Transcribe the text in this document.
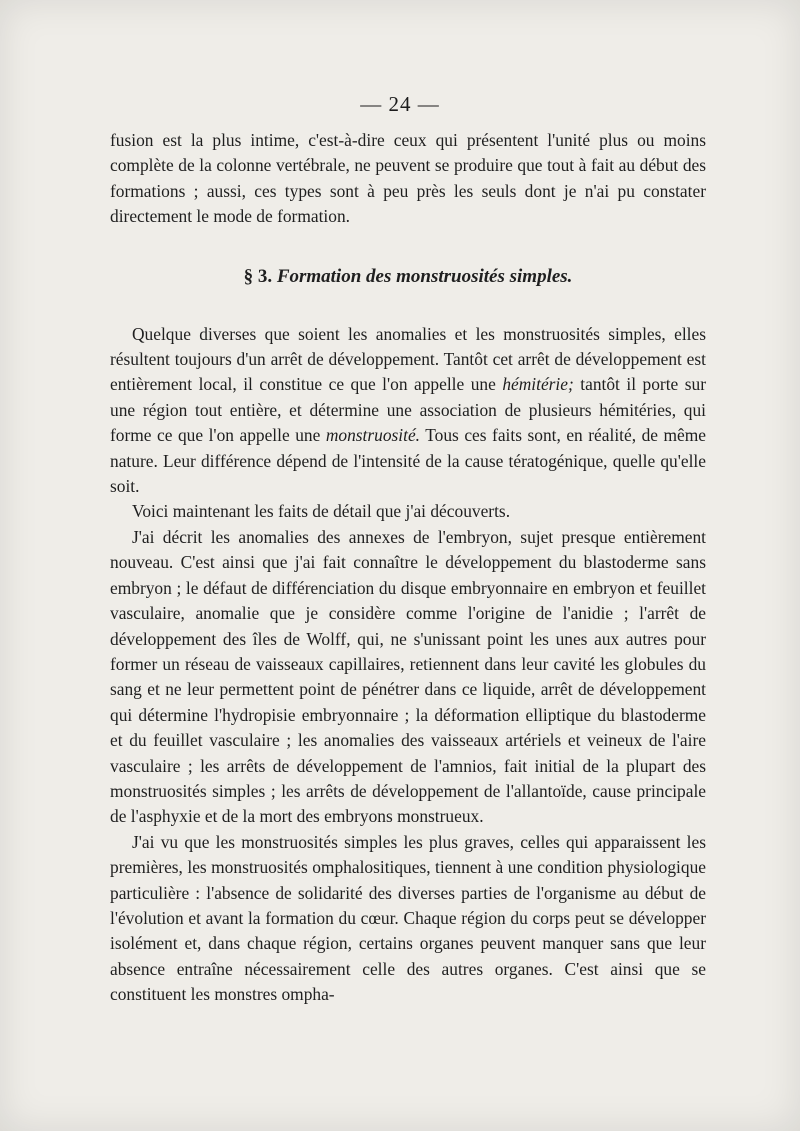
— 24 —

fusion est la plus intime, c'est-à-dire ceux qui présentent l'unité plus ou moins complète de la colonne vertébrale, ne peuvent se produire que tout à fait au début des formations ; aussi, ces types sont à peu près les seuls dont je n'ai pu constater directement le mode de formation.

§ 3. Formation des monstruosités simples.

Quelque diverses que soient les anomalies et les monstruosités simples, elles résultent toujours d'un arrêt de développement. Tantôt cet arrêt de développement est entièrement local, il constitue ce que l'on appelle une hémitérie; tantôt il porte sur une région tout entière, et détermine une association de plusieurs hémitéries, qui forme ce que l'on appelle une monstruosité. Tous ces faits sont, en réalité, de même nature. Leur différence dépend de l'intensité de la cause tératogénique, quelle qu'elle soit.

Voici maintenant les faits de détail que j'ai découverts.

J'ai décrit les anomalies des annexes de l'embryon, sujet presque entièrement nouveau. C'est ainsi que j'ai fait connaître le développement du blastoderme sans embryon ; le défaut de différenciation du disque embryonnaire en embryon et feuillet vasculaire, anomalie que je considère comme l'origine de l'anidie ; l'arrêt de développement des îles de Wolff, qui, ne s'unissant point les unes aux autres pour former un réseau de vaisseaux capillaires, retiennent dans leur cavité les globules du sang et ne leur permettent point de pénétrer dans ce liquide, arrêt de développement qui détermine l'hydropisie embryonnaire ; la déformation elliptique du blastoderme et du feuillet vasculaire ; les anomalies des vaisseaux artériels et veineux de l'aire vasculaire ; les arrêts de développement de l'amnios, fait initial de la plupart des monstruosités simples ; les arrêts de développement de l'allantoïde, cause principale de l'asphyxie et de la mort des embryons monstrueux.

J'ai vu que les monstruosités simples les plus graves, celles qui apparaissent les premières, les monstruosités omphalositiques, tiennent à une condition physiologique particulière : l'absence de solidarité des diverses parties de l'organisme au début de l'évolution et avant la formation du cœur. Chaque région du corps peut se développer isolément et, dans chaque région, certains organes peuvent manquer sans que leur absence entraîne nécessairement celle des autres organes. C'est ainsi que se constituent les monstres ompha-
